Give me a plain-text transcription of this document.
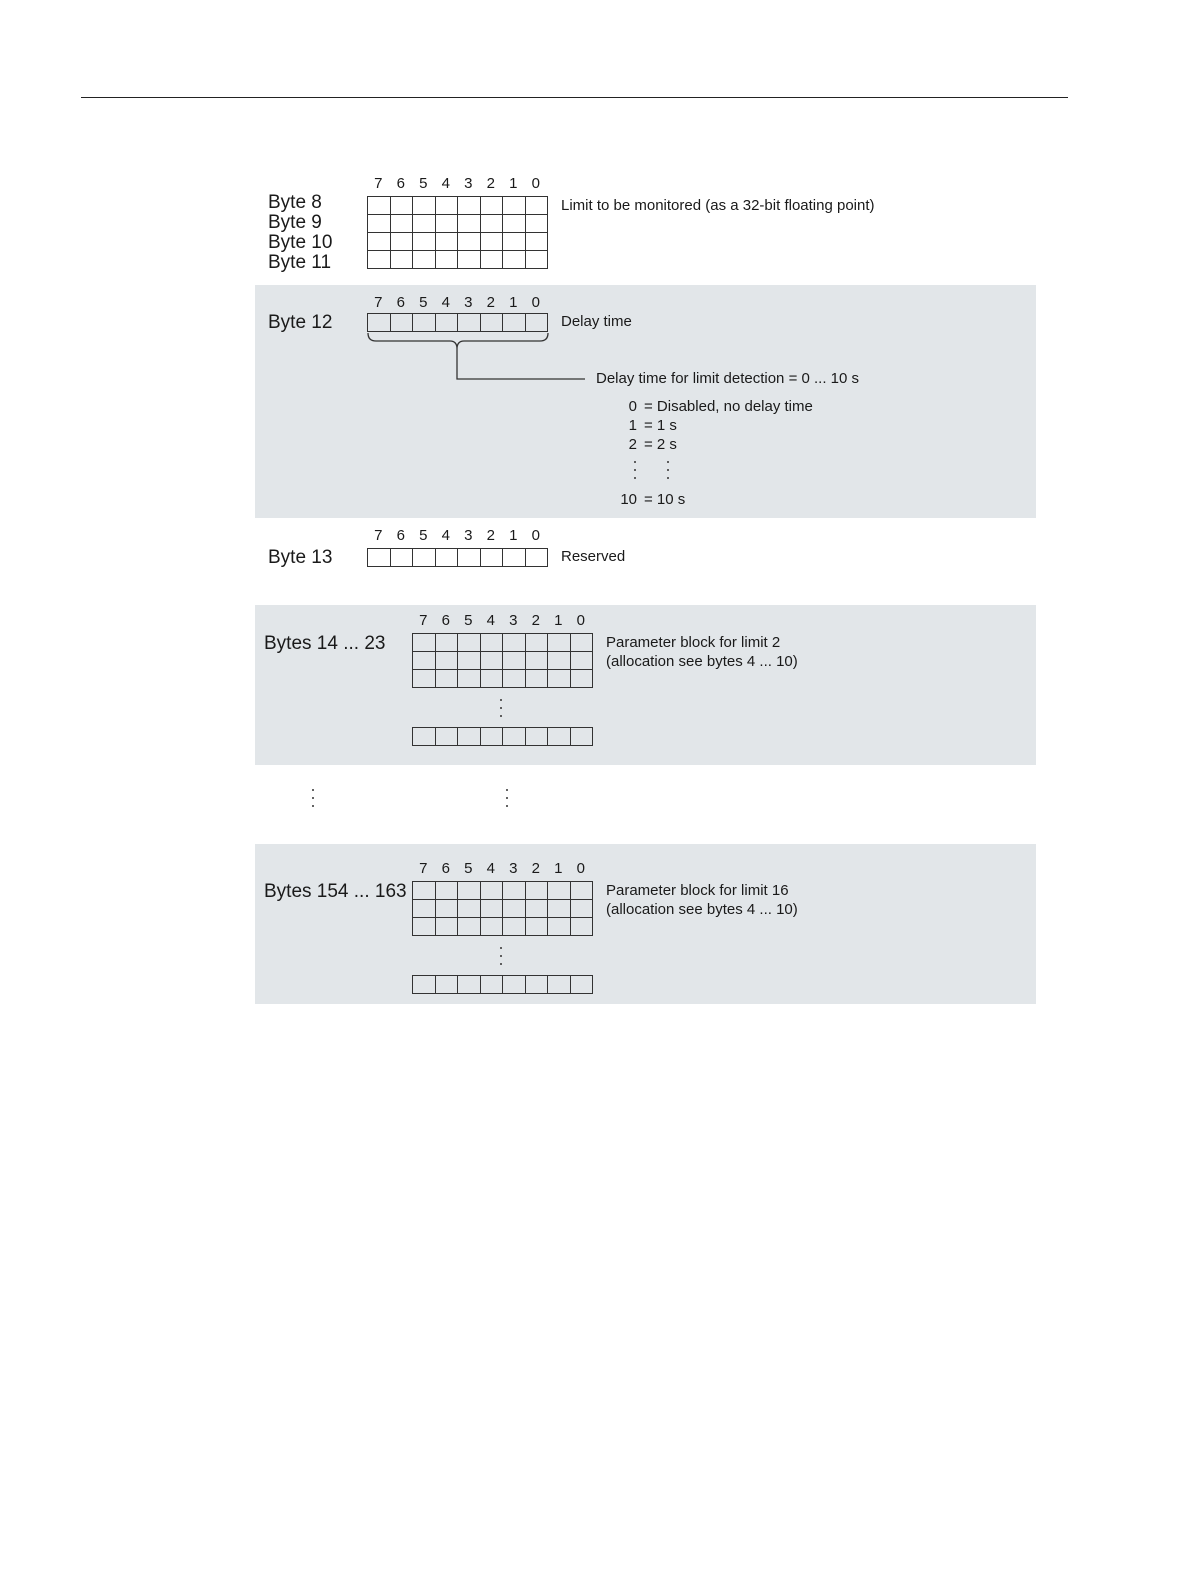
7 6 5 4 3 2 1 0
Byte 8
Byte 9
Byte 10
Byte 11
Limit to be monitored (as a 32-bit floating point)
7 6 5 4 3 2 1 0
Byte 12	Delay time
Delay time for limit detection = 0 ... 10 s
0 = Disabled, no delay time
1 = 1 s
2 = 2 s
10 = 10 s
7 6 5 4 3 2 1 0
Byte 13	Reserved
7 6 5 4 3 2 1 0
Bytes 14 ... 23	Parameter block for limit 2
(allocation see bytes 4 ... 10)
7 6 5 4 3 2 1 0
Bytes 154 ... 163	Parameter block for limit 16
(allocation see bytes 4 ... 10)
